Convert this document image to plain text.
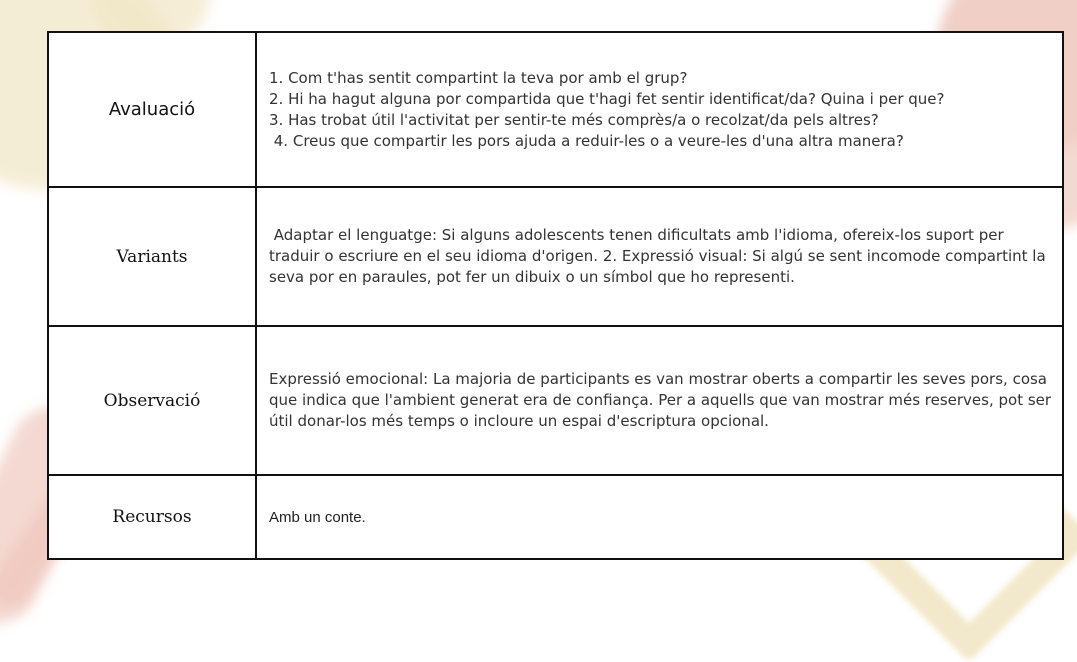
Avaluació	1. Com t'has sentit compartint la teva por amb el grup?
2. Hi ha hagut alguna por compartida que t'hagi fet sentir identificat/da? Quina i per que?
3. Has trobat útil l'activitat per sentir-te més comprès/a o recolzat/da pels altres?
4. Creus que compartir les pors ajuda a reduir-les o a veure-les d'una altra manera?

Variants	Adaptar el lenguatge: Si alguns adolescents tenen dificultats amb l'idioma, ofereix-los suport per traduir o escriure en el seu idioma d'origen. 2. Expressió visual: Si algú se sent incomode compartint la seva por en paraules, pot fer un dibuix o un símbol que ho representi.
Observació	Expressió emocional: La majoria de participants es van mostrar oberts a compartir les seves pors, cosa que indica que l'ambient generat era de confiança. Per a aquells que van mostrar més reserves, pot ser útil donar-los més temps o incloure un espai d'escriptura opcional.
Recursos	Amb un conte.
